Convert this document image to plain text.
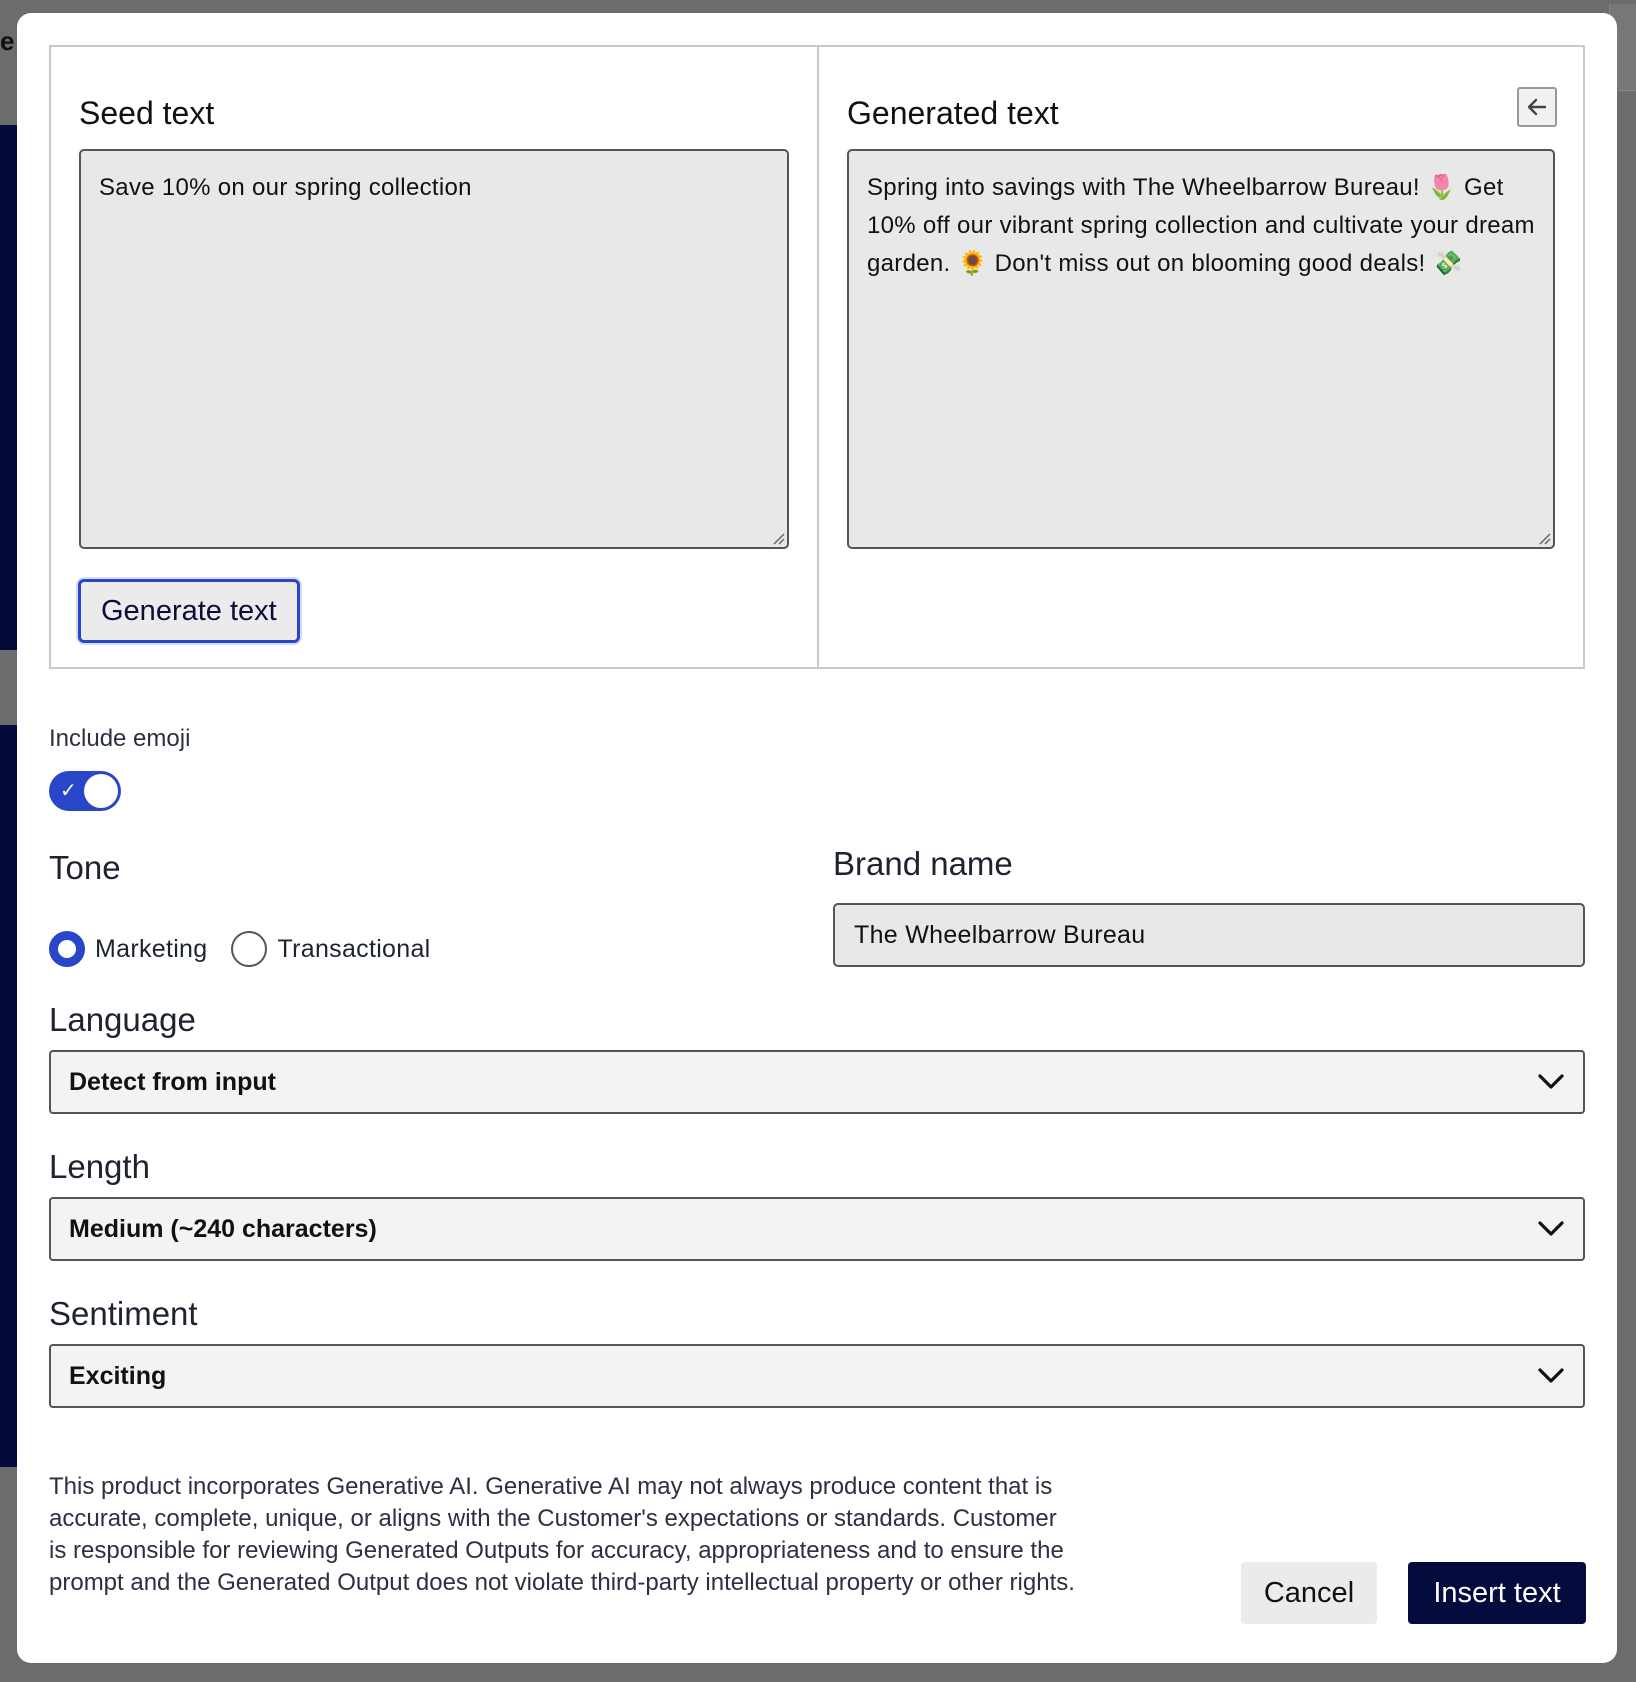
e
Seed text
Save 10% on our spring collection
Generate text
Generated text
Spring into savings with The Wheelbarrow Bureau! 🌷 Get 10% off our vibrant spring collection and cultivate your dream garden. 🌻 Don't miss out on blooming good deals! 💸
Include emoji
✓
Tone
Marketing	Transactional
Brand name
The Wheelbarrow Bureau
Language
Detect from input
Length
Medium (~240 characters)
Sentiment
Exciting

This product incorporates Generative AI. Generative AI may not always produce content that is accurate, complete, unique, or aligns with the Customer's expectations or standards. Customer is responsible for reviewing Generated Outputs for accuracy, appropriateness and to ensure the prompt and the Generated Output does not violate third-party intellectual property or other rights.	Cancel	Insert text
